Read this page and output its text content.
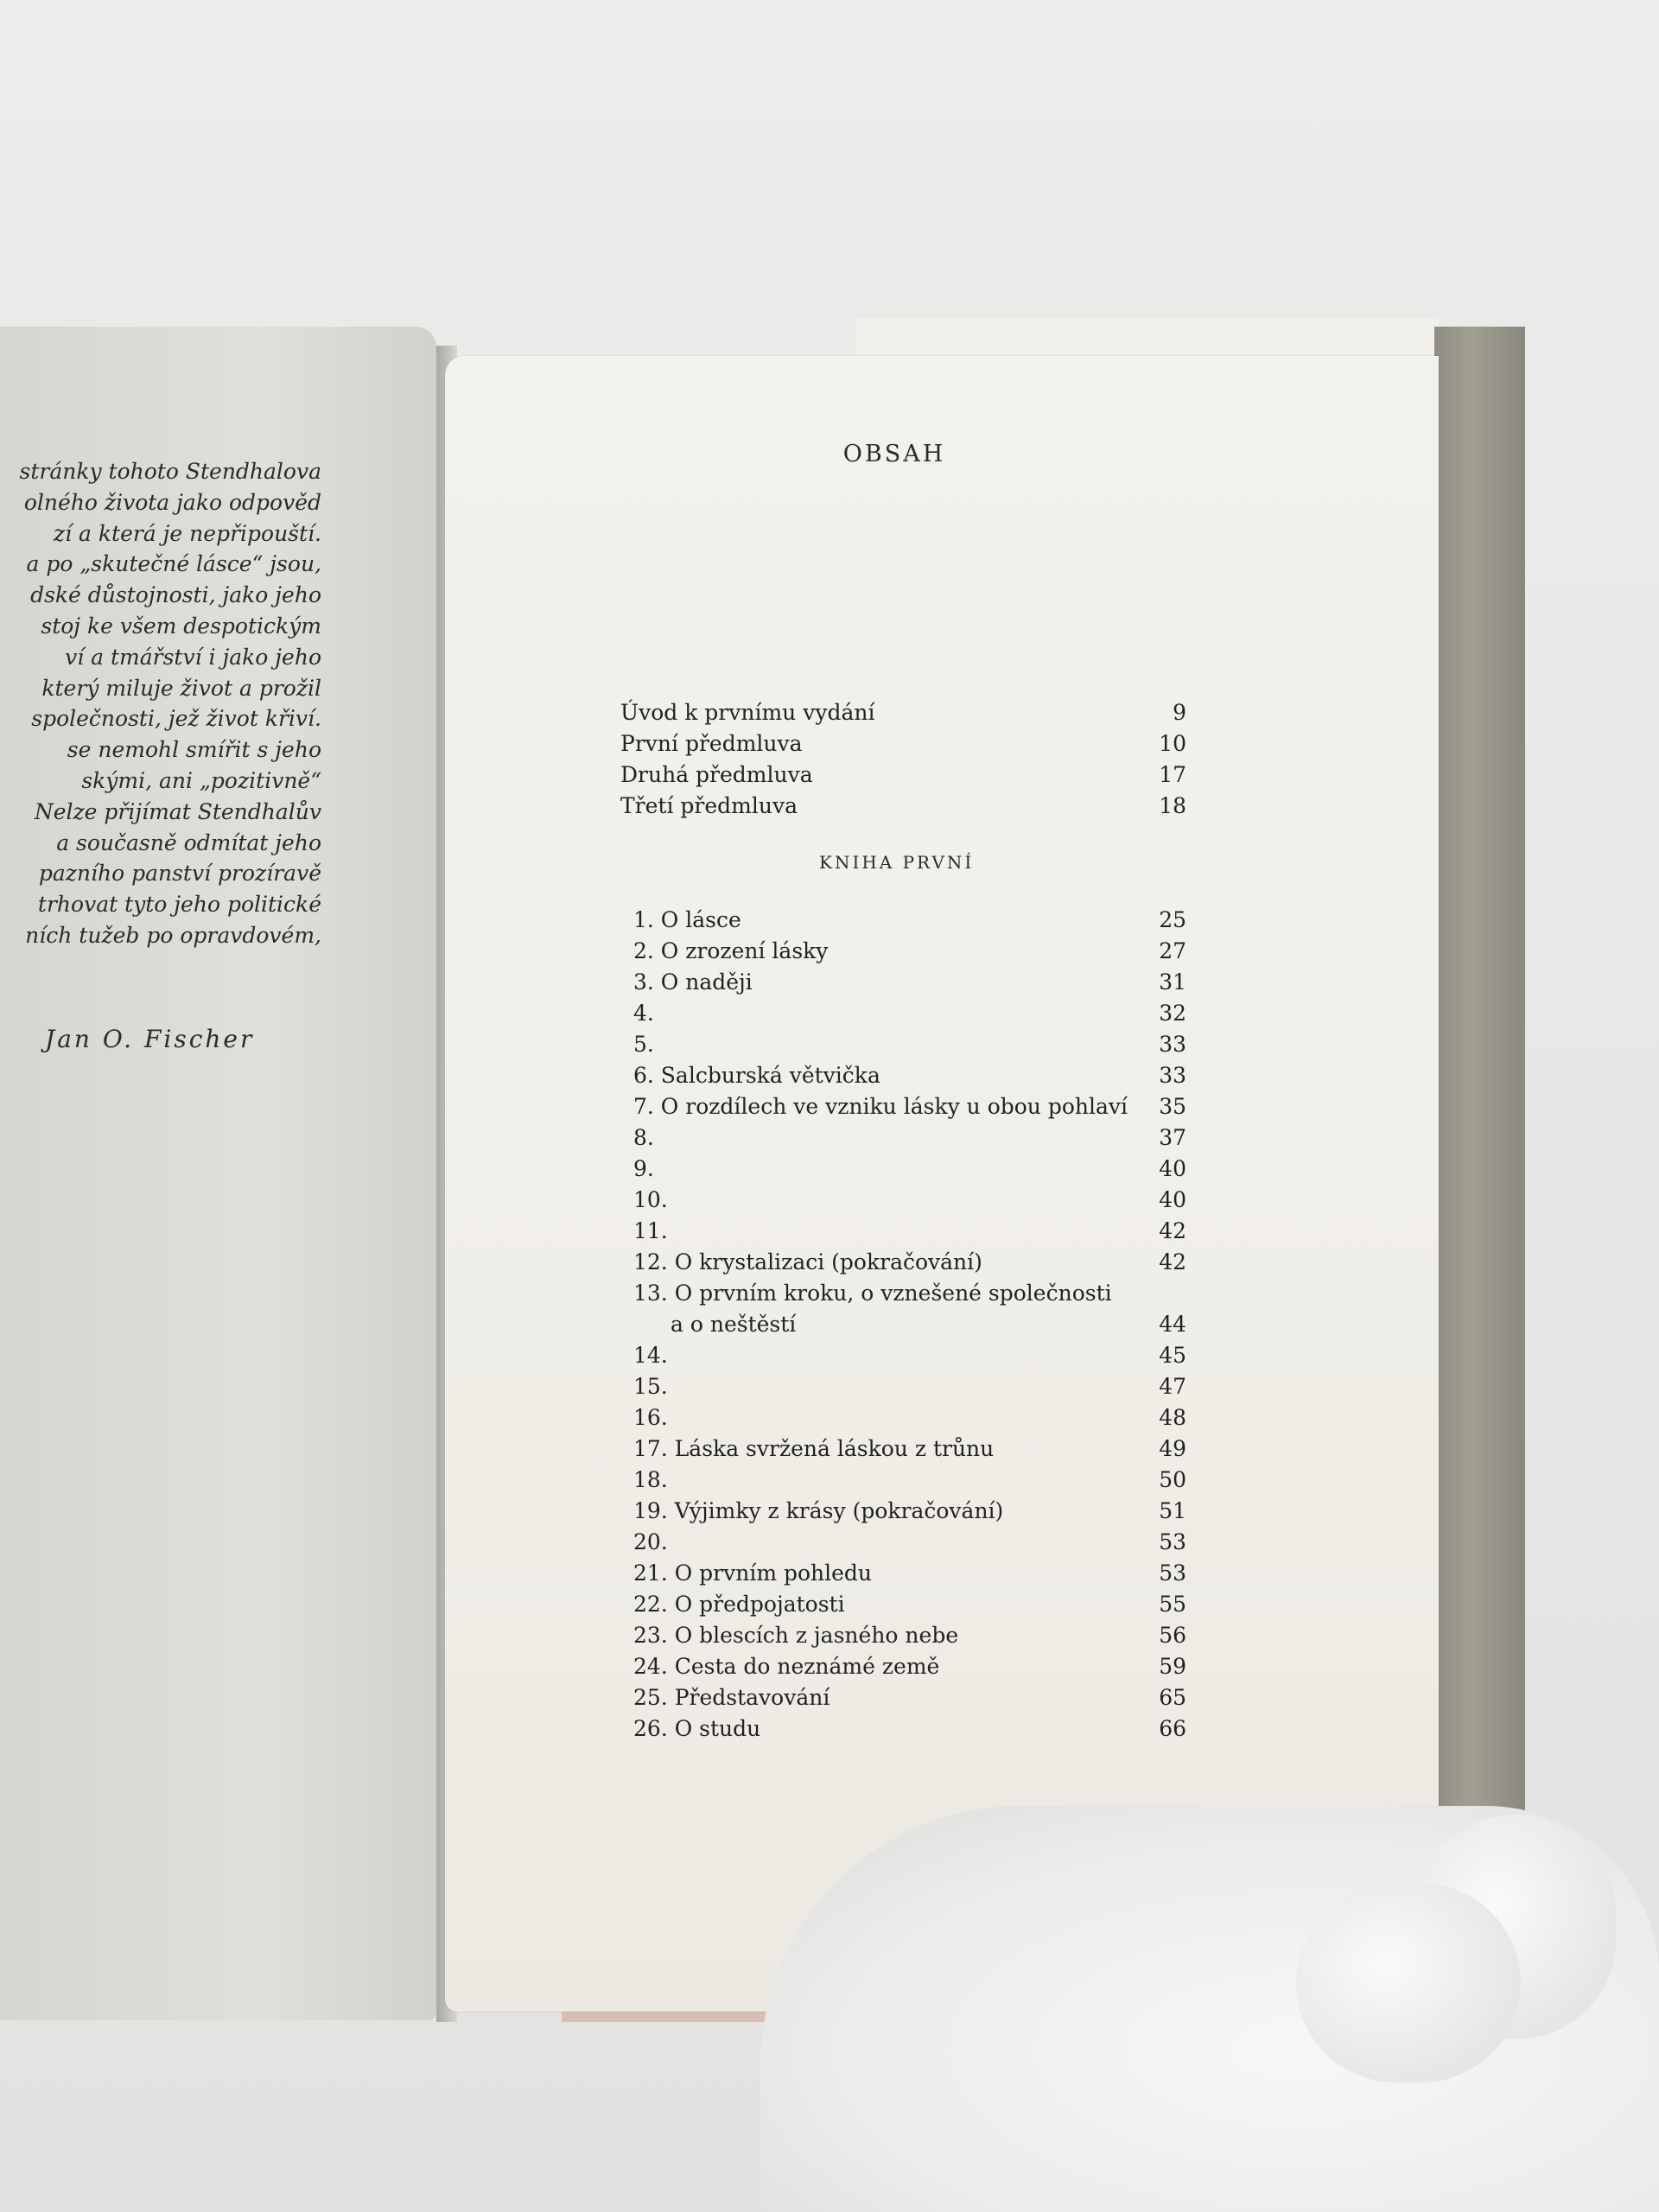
stránky tohoto Stendhalova
olného života jako odpověď
zí a která je nepřipouští.
a po „skutečné lásce“ jsou,
dské důstojnosti, jako jeho
stoj ke všem despotickým
ví a tmářství i jako jeho
který miluje život a prožil
společnosti, jež život křiví.
se nemohl smířit s jeho
skými, ani „pozitivně“
Nelze přijímat Stendhalův
a současně odmítat jeho
pazního panství prozíravě
trhovat tyto jeho politické
ních tužeb po opravdovém,
Jan O. Fischer
OBSAH
Úvod k prvnímu vydání	9
První předmluva	10
Druhá předmluva	17
Třetí předmluva	18
KNIHA PRVNÍ
1. O lásce	25
2. O zrození lásky	27
3. O naději	31
4.	32
5.	33
6. Salcburská větvička	33
7. O rozdílech ve vzniku lásky u obou pohlaví 35
8.	37
9.	40
10.	40
11.	42
12. O krystalizaci (pokračování)	42
13. O prvním kroku, o vznešené společnosti
a o neštěstí	44
14.	45
15.	47
16.	48
17. Láska svržená láskou z trůnu	49
18.	50
19. Výjimky z krásy (pokračování)	51
20.	53
21. O prvním pohledu	53
22. O předpojatosti	55
23. O blescích z jasného nebe	56
24. Cesta do neznámé země	59
25. Představování	65
26. O studu	66
